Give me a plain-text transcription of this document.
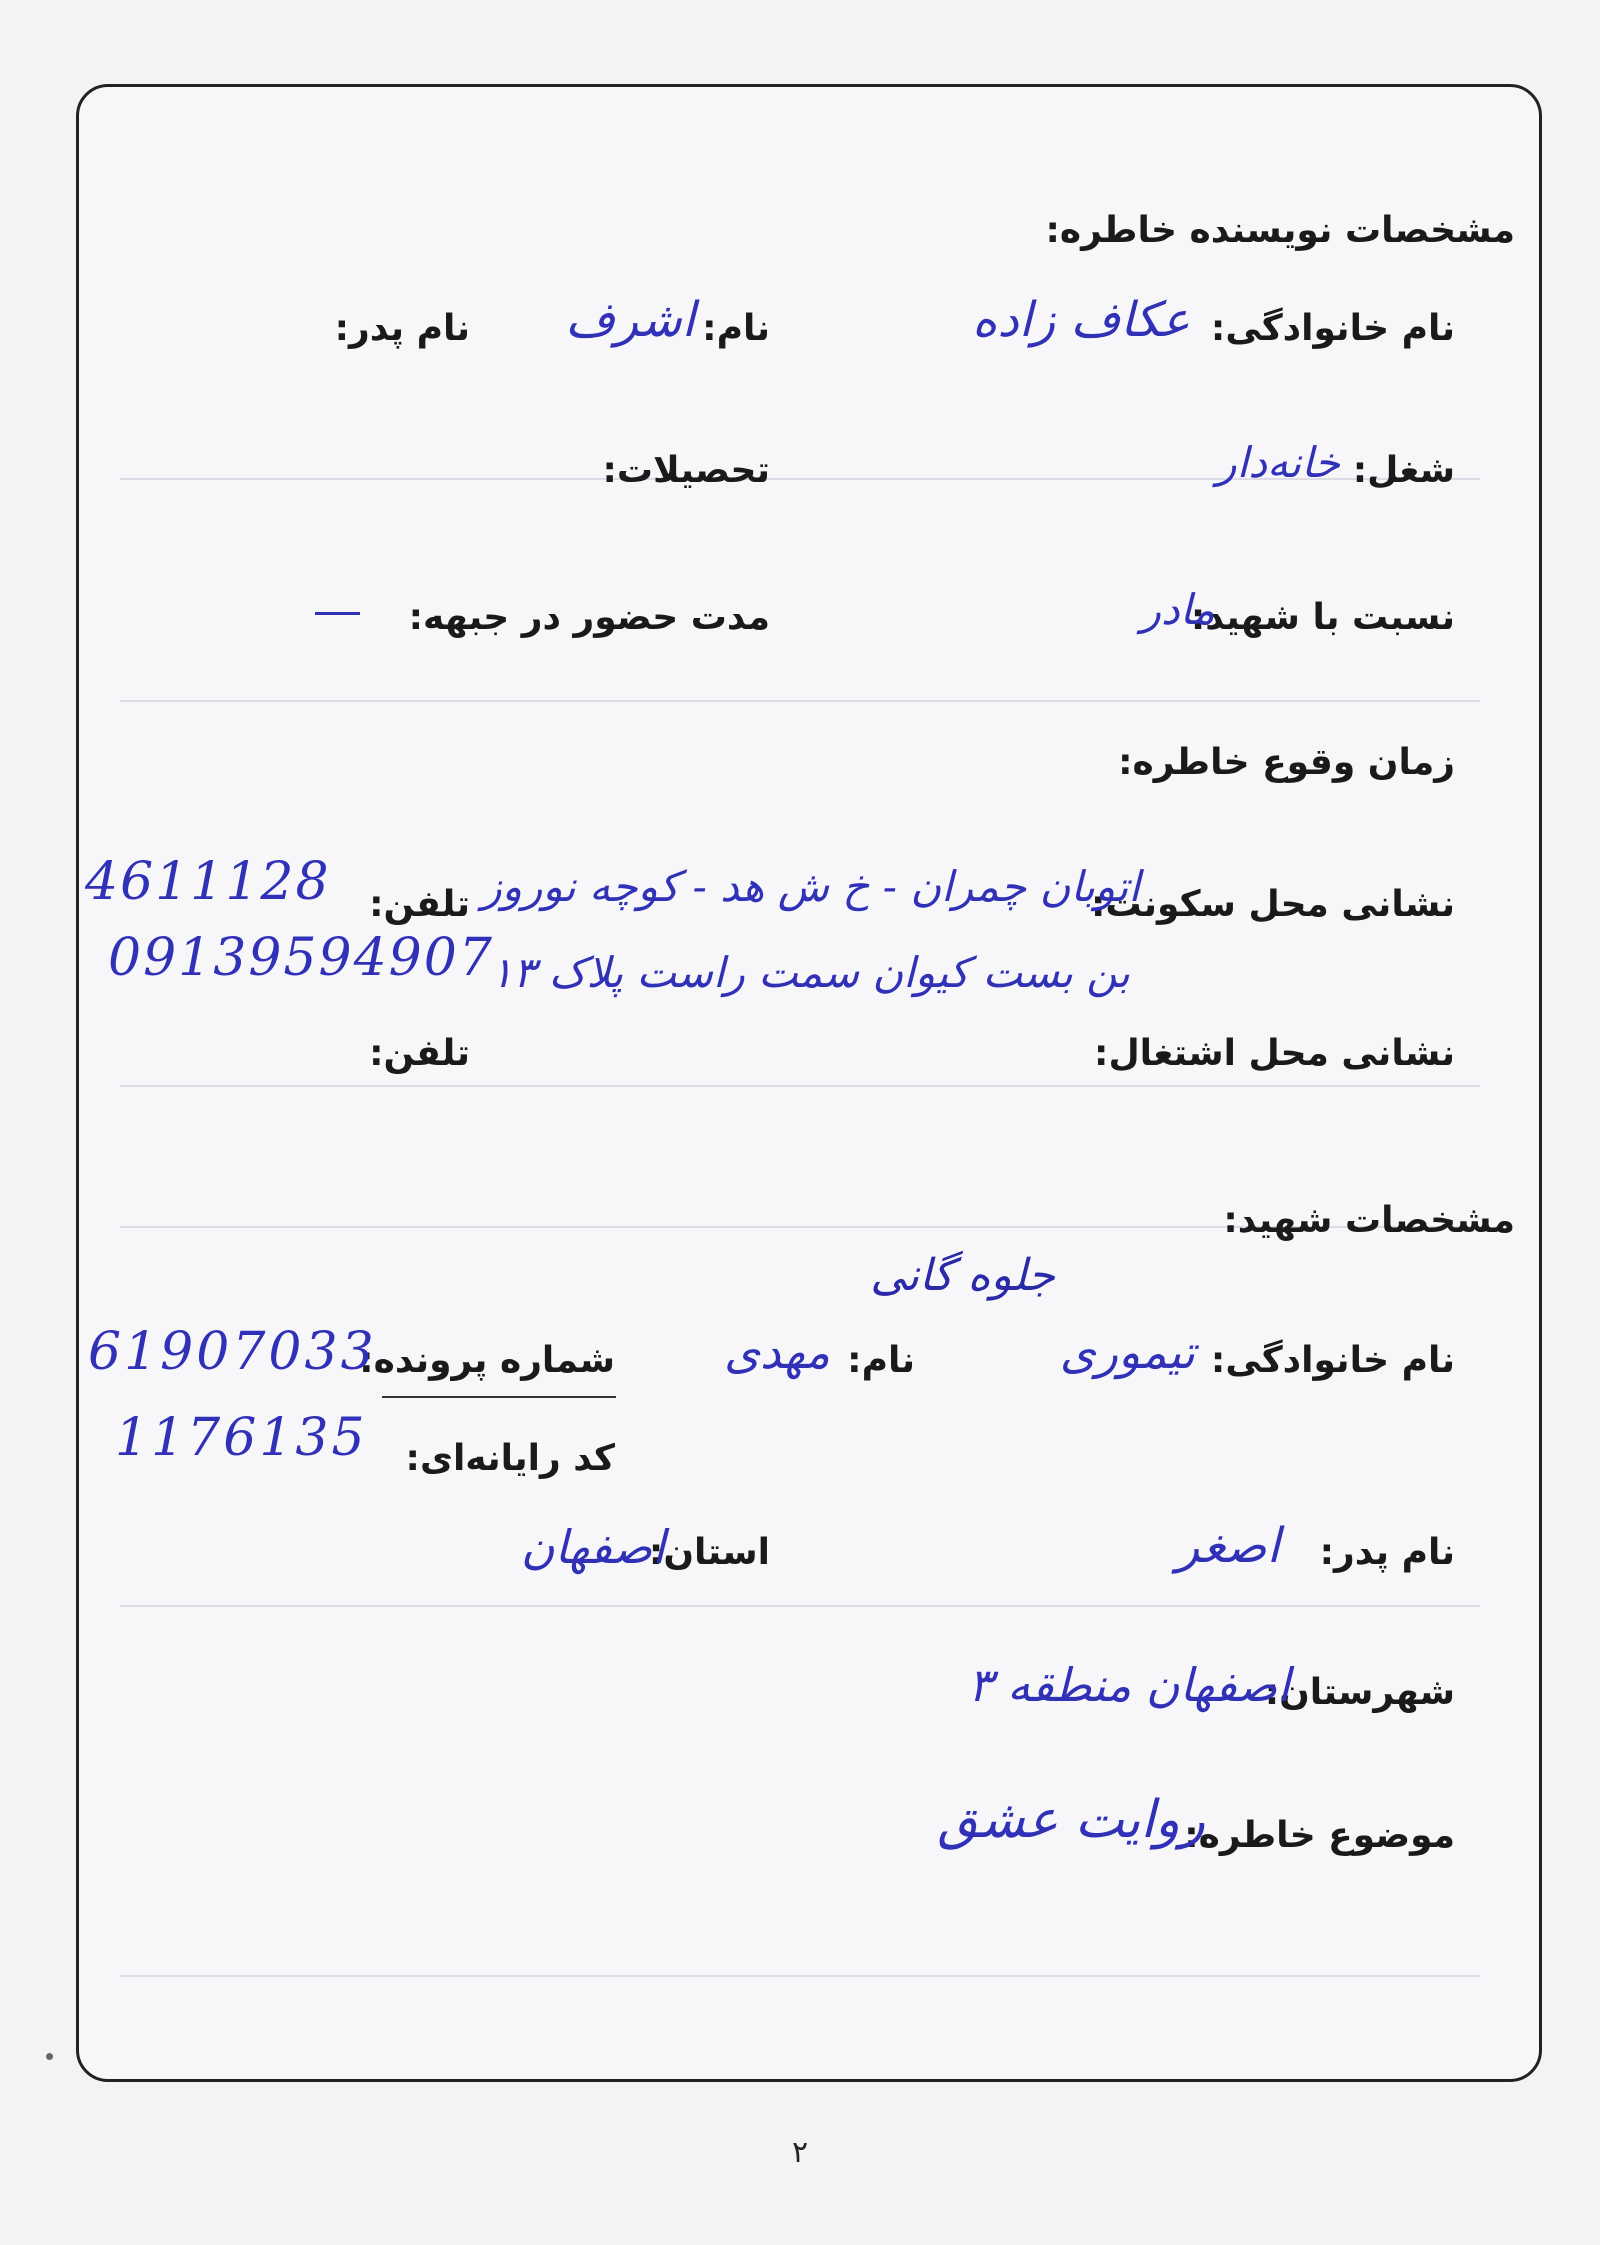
مشخصات نویسنده خاطره:
نام خانوادگی:
عکاف زاده
نام:
اشرف
نام پدر:
شغل:
خانه‌دار
تحصیلات:
نسبت با شهید:
مادر
مدت حضور در جبهه:
زمان وقوع خاطره:
نشانی محل سکونت:
اتوبان چمران - خ ش هد - کوچه نوروز
بن بست کیوان سمت راست پلاک ۱۳
تلفن:
4611128
09139594907
نشانی محل اشتغال:
تلفن:
مشخصات شهید:
نام خانوادگی:
تیموری
جلوه گانی
نام:
مهدی
شماره پرونده:
61907033
کد رایانه‌ای:
1176135
نام پدر:
اصغر
استان:
اصفهان
شهرستان:
اصفهان منطقه ۳
موضوع خاطره:
روایت عشق
۲
